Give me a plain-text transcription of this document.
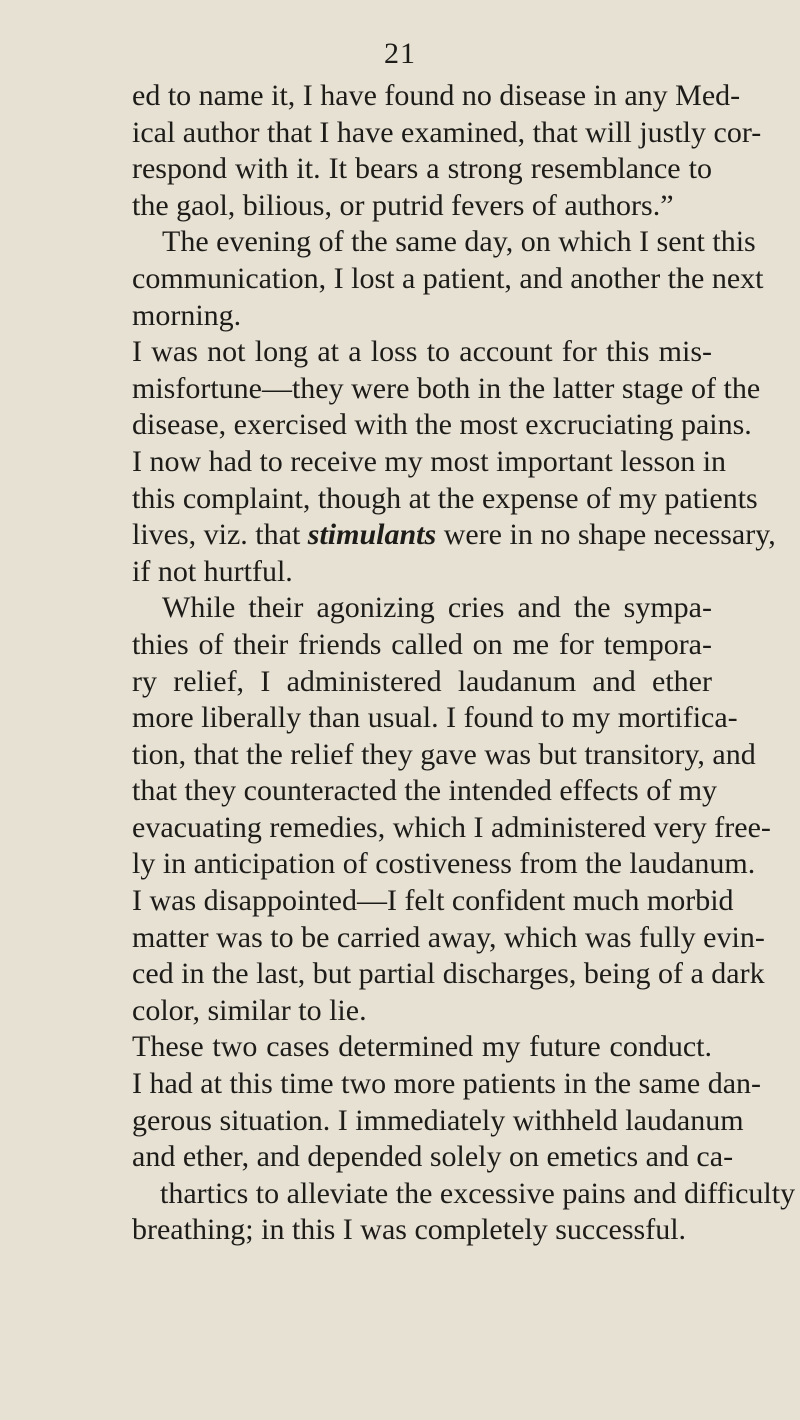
21
ed to name it, I have found no disease in any Med-
ical author that I have examined, that will justly cor-
respond with it. It bears a strong resemblance to
the gaol, bilious, or putrid fevers of authors.”
The evening of the same day, on which I sent this
communication, I lost a patient, and another the next
morning.
I was not long at a loss to account for this mis-
misfortune—they were both in the latter stage of the
disease, exercised with the most excruciating pains.
I now had to receive my most important lesson in
this complaint, though at the expense of my patients
lives, viz. that stimulants were in no shape necessary,
if not hurtful.
While their agonizing cries and the sympa-
thies of their friends called on me for tempora-
ry relief, I administered laudanum and ether
more liberally than usual. I found to my mortifica-
tion, that the relief they gave was but transitory, and
that they counteracted the intended effects of my
evacuating remedies, which I administered very free-
ly in anticipation of costiveness from the laudanum.
I was disappointed—I felt confident much morbid
matter was to be carried away, which was fully evin-
ced in the last, but partial discharges, being of a dark
color, similar to lie.
These two cases determined my future conduct.
I had at this time two more patients in the same dan-
gerous situation. I immediately withheld laudanum
and ether, and depended solely on emetics and ca-
thartics to alleviate the excessive pains and difficulty
breathing; in this I was completely successful.
